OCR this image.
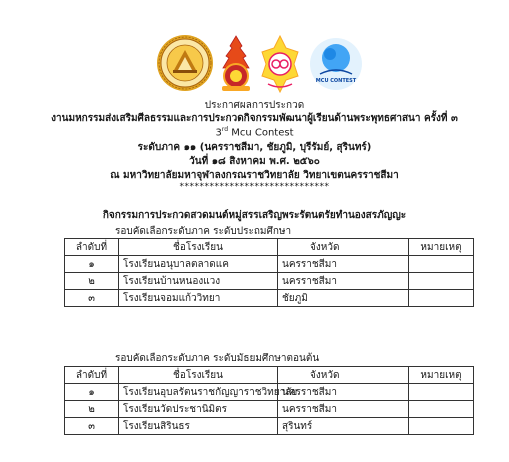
MCU CONTEST
ประกาศผลการประกวด
งานมหกรรมส่งเสริมศีลธรรมและการประกวดกิจกรรมพัฒนาผู้เรียนด้านพระพุทธศาสนา ครั้งที่ ๓
3rd Mcu Contest
ระดับภาค ๑๑ (นครราชสีมา, ชัยภูมิ, บุรีรัมย์, สุรินทร์)
วันที่ ๑๘ สิงหาคม พ.ศ. ๒๕๖๐
ณ มหาวิทยาลัยมหาจุฬาลงกรณราชวิทยาลัย วิทยาเขตนครราชสีมา
******************************
กิจกรรมการประกวดสวดมนต์หมู่สรรเสริญพระรัตนตรัยทำนองสรภัญญะ
รอบคัดเลือกระดับภาค ระดับประถมศึกษา
ลำดับที่	ชื่อโรงเรียน	จังหวัด	หมายเหตุ
๑	โรงเรียนอนุบาลตลาดแค	นครราชสีมา	
๒	โรงเรียนบ้านหนองแวง	นครราชสีมา	
๓	โรงเรียนจอมแก้ววิทยา	ชัยภูมิ	
รอบคัดเลือกระดับภาค ระดับมัธยมศึกษาตอนต้น
ลำดับที่	ชื่อโรงเรียน	จังหวัด	หมายเหตุ
๑	โรงเรียนอุบลรัตนราชกัญญาราชวิทยาลัย	นครราชสีมา	
๒	โรงเรียนวัดประชานิมิตร	นครราชสีมา	
๓	โรงเรียนสิรินธร	สุรินทร์	
